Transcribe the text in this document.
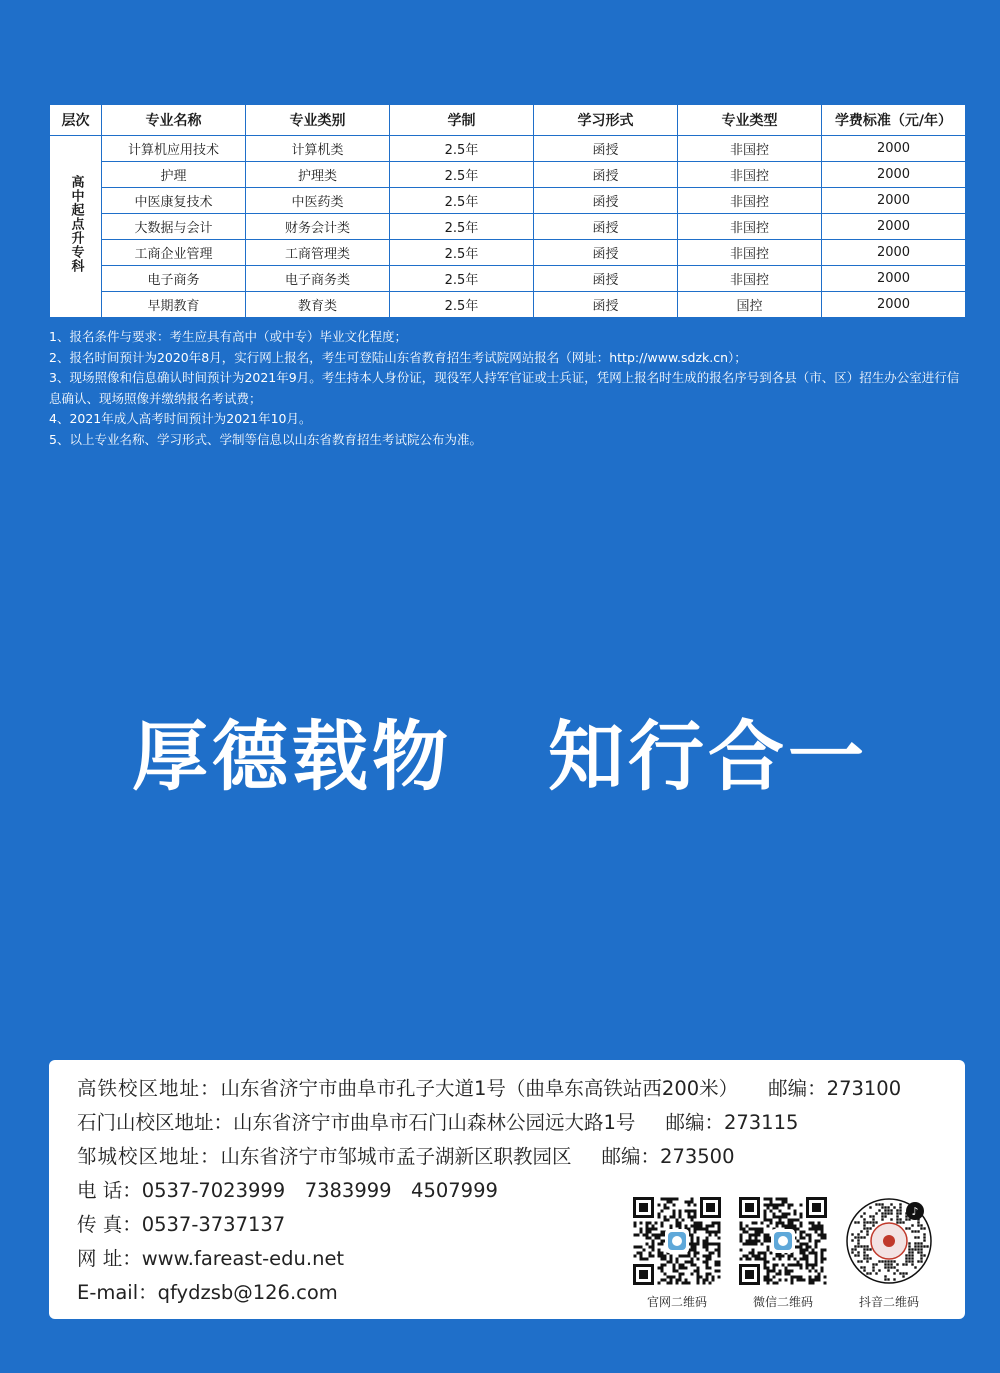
层次	专业名称	专业类别	学制	学习形式	专业类型	学费标准（元/年）
高中起点升专科	计算机应用技术	计算机类	2.5年	函授	非国控	2000
	护理	护理类	2.5年	函授	非国控	2000
	中医康复技术	中医药类	2.5年	函授	非国控	2000
	大数据与会计	财务会计类	2.5年	函授	非国控	2000
	工商企业管理	工商管理类	2.5年	函授	非国控	2000
	电子商务	电子商务类	2.5年	函授	非国控	2000
	早期教育	教育类	2.5年	函授	国控	2000

1、报名条件与要求：考生应具有高中（或中专）毕业文化程度；

2、报名时间预计为2020年8月，实行网上报名，考生可登陆山东省教育招生考试院网站报名（网址：http://www.sdzk.cn）；

3、现场照像和信息确认时间预计为2021年9月。考生持本人身份证，现役军人持军官证或士兵证，凭网上报名时生成的报名序号到各县（市、区）招生办公室进行信息确认、现场照像并缴纳报名考试费；

4、2021年成人高考时间预计为2021年10月。

5、以上专业名称、学习形式、学制等信息以山东省教育招生考试院公布为准。

厚德载物 知行合一
高铁校区地址：山东省济宁市曲阜市孔子大道1号（曲阜东高铁站西200米） 邮编：273100
石门山校区地址：山东省济宁市曲阜市石门山森林公园远大路1号 邮编：273115
邹城校区地址：山东省济宁市邹城市孟子湖新区职教园区 邮编：273500
电 话：0537-7023999　7383999　4507999
传 真：0537-3737137
网 址：www.fareast-edu.net
E-mail：qfydzsb@126.com	官网二维码	微信二维码
♪
抖音二维码
